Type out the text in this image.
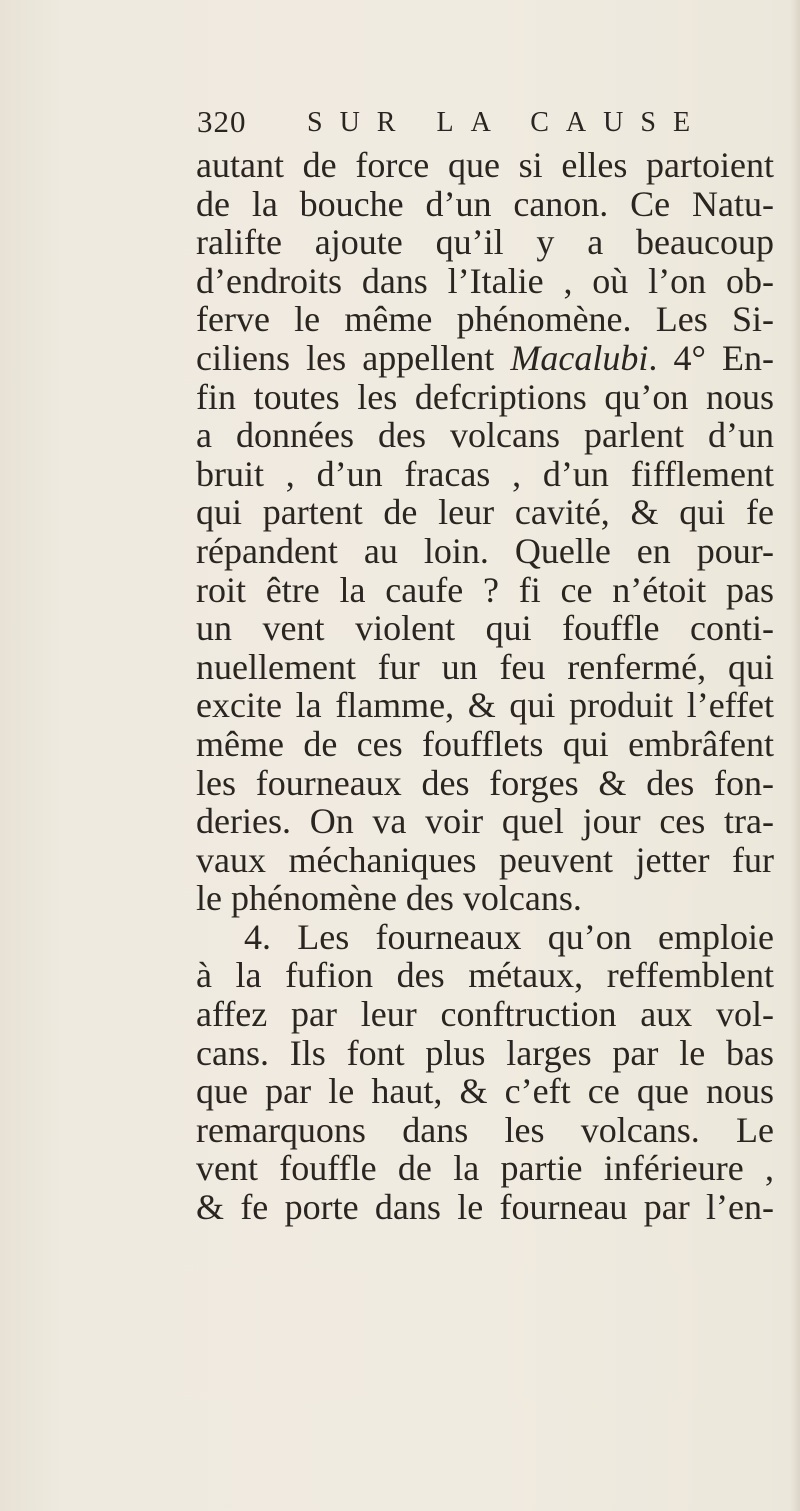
320 SUR LA CAUSE
autant de force que si elles partoient
de la bouche d’un canon. Ce Natu-
ralifte ajoute qu’il y a beaucoup
d’endroits dans l’Italie , où l’on ob-
ferve le même phénomène. Les Si-
ciliens les appellent Macalubi. 4° En-
fin toutes les defcriptions qu’on nous
a données des volcans parlent d’un
bruit , d’un fracas , d’un fifflement
qui partent de leur cavité, & qui fe
répandent au loin. Quelle en pour-
roit être la caufe ? fi ce n’étoit pas
un vent violent qui fouffle conti-
nuellement fur un feu renfermé, qui
excite la flamme, & qui produit l’effet
même de ces foufflets qui embrâfent
les fourneaux des forges & des fon-
deries. On va voir quel jour ces tra-
vaux méchaniques peuvent jetter fur
le phénomène des volcans.
4. Les fourneaux qu’on emploie
à la fufion des métaux, reffemblent
affez par leur conftruction aux vol-
cans. Ils font plus larges par le bas
que par le haut, & c’eft ce que nous
remarquons dans les volcans. Le
vent fouffle de la partie inférieure ,
& fe porte dans le fourneau par l’en-
